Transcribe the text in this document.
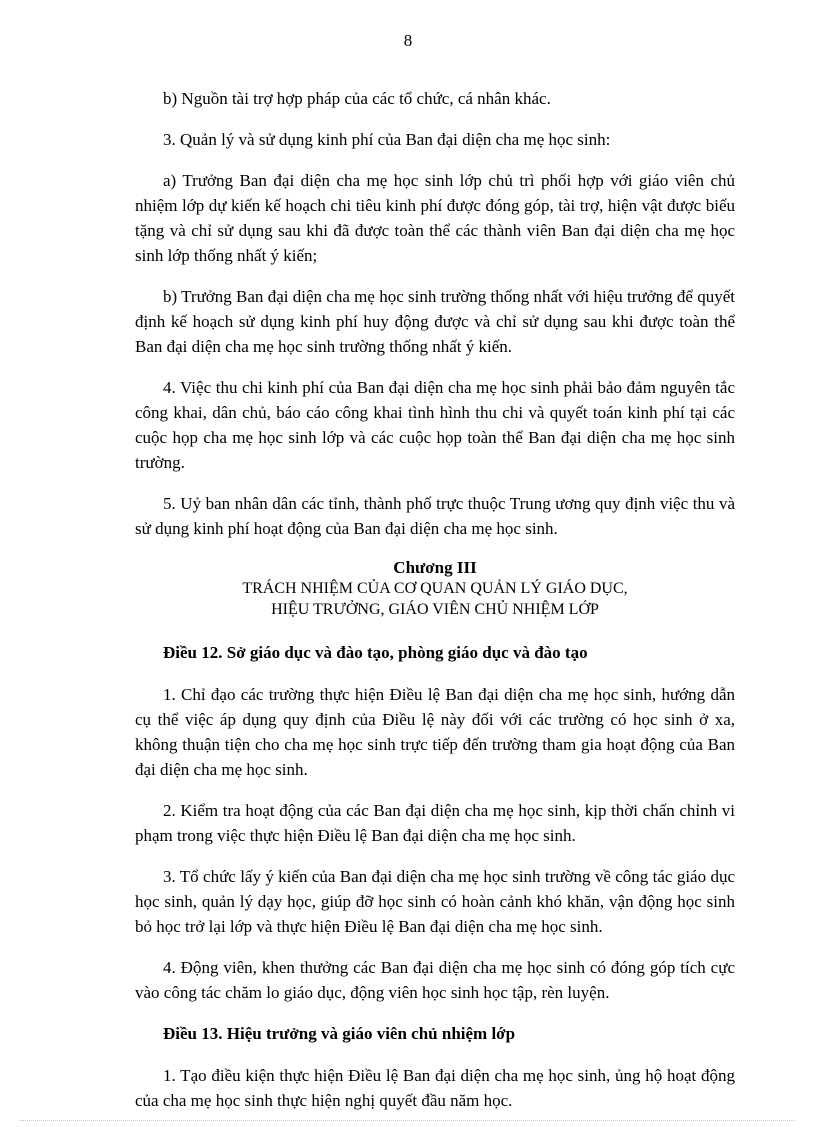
8

b) Nguồn tài trợ hợp pháp của các tổ chức, cá nhân khác.

3. Quản lý và sử dụng kinh phí của Ban đại diện cha mẹ học sinh:

a) Trưởng Ban đại diện cha mẹ học sinh lớp chủ trì phối hợp với giáo viên chủ nhiệm lớp dự kiến kế hoạch chi tiêu kinh phí được đóng góp, tài trợ, hiện vật được biếu tặng và chỉ sử dụng sau khi đã được toàn thể các thành viên Ban đại diện cha mẹ học sinh lớp thống nhất ý kiến;

b) Trưởng Ban đại diện cha mẹ học sinh trường thống nhất với hiệu trưởng để quyết định kế hoạch sử dụng kinh phí huy động được và chỉ sử dụng sau khi được toàn thể Ban đại diện cha mẹ học sinh trường thống nhất ý kiến.

4. Việc thu chi kinh phí của Ban đại diện cha mẹ học sinh phải bảo đảm nguyên tắc công khai, dân chủ, báo cáo công khai tình hình thu chi và quyết toán kinh phí tại các cuộc họp cha mẹ học sinh lớp và các cuộc họp toàn thể Ban đại diện cha mẹ học sinh trường.

5. Uỷ ban nhân dân các tỉnh, thành phố trực thuộc Trung ương quy định việc thu và sử dụng kinh phí hoạt động của Ban đại diện cha mẹ học sinh.

Chương III
TRÁCH NHIỆM CỦA CƠ QUAN QUẢN LÝ GIÁO DỤC,
HIỆU TRƯỞNG, GIÁO VIÊN CHỦ NHIỆM LỚP

Điều 12. Sở giáo dục và đào tạo, phòng giáo dục và đào tạo

1. Chỉ đạo các trường thực hiện Điều lệ Ban đại diện cha mẹ học sinh, hướng dẫn cụ thể việc áp dụng quy định của Điều lệ này đối với các trường có học sinh ở xa, không thuận tiện cho cha mẹ học sinh trực tiếp đến trường tham gia hoạt động của Ban đại diện cha mẹ học sinh.

2. Kiểm tra hoạt động của các Ban đại diện cha mẹ học sinh, kịp thời chấn chỉnh vi phạm trong việc thực hiện Điều lệ Ban đại diện cha mẹ học sinh.

3. Tổ chức lấy ý kiến của Ban đại diện cha mẹ học sinh trường về công tác giáo dục học sinh, quản lý dạy học, giúp đỡ học sinh có hoàn cảnh khó khăn, vận động học sinh bỏ học trở lại lớp và thực hiện Điều lệ Ban đại diện cha mẹ học sinh.

4. Động viên, khen thưởng các Ban đại diện cha mẹ học sinh có đóng góp tích cực vào công tác chăm lo giáo dục, động viên học sinh học tập, rèn luyện.

Điều 13. Hiệu trưởng và giáo viên chủ nhiệm lớp

1. Tạo điều kiện thực hiện Điều lệ Ban đại diện cha mẹ học sinh, ủng hộ hoạt động của cha mẹ học sinh thực hiện nghị quyết đầu năm học.
